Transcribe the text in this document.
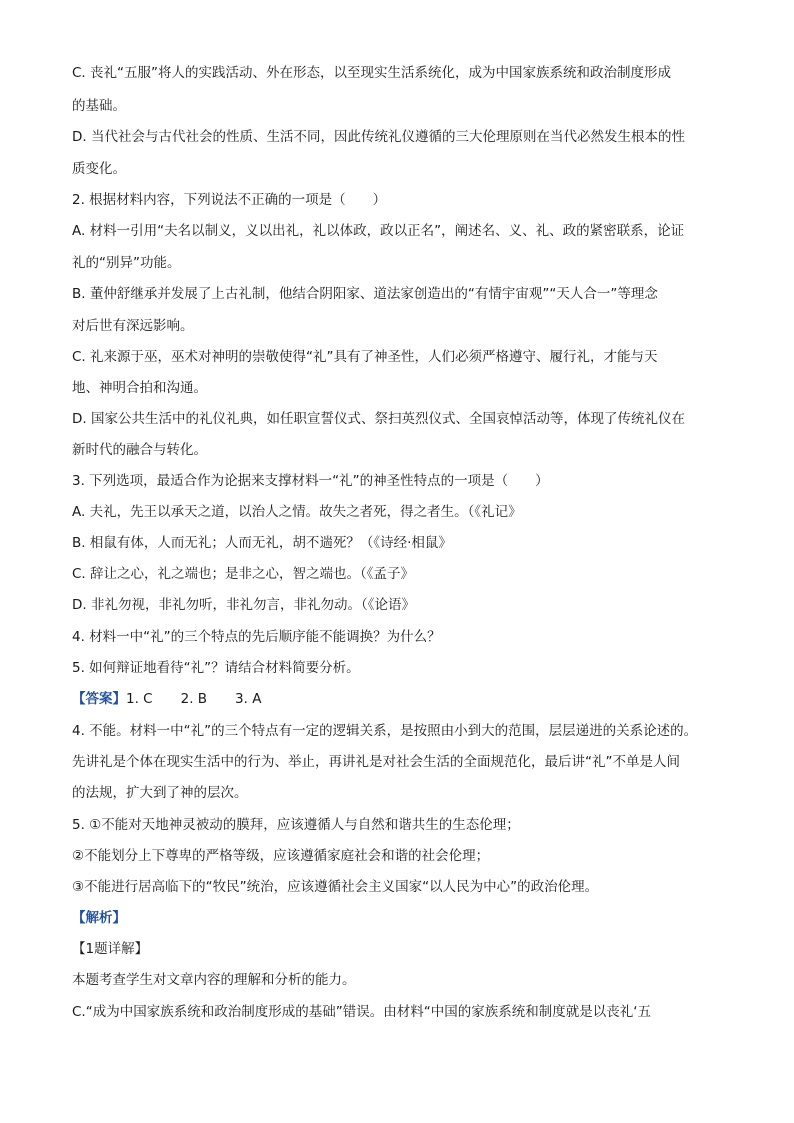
C. 丧礼“五服”将人的实践活动、外在形态，以至现实生活系统化，成为中国家族系统和政治制度形成
的基础。
D. 当代社会与古代社会的性质、生活不同，因此传统礼仪遵循的三大伦理原则在当代必然发生根本的性
质变化。
2. 根据材料内容，下列说法不正确的一项是（　　）
A. 材料一引用“夫名以制义，义以出礼，礼以体政，政以正名”，阐述名、义、礼、政的紧密联系，论证
礼的“别异”功能。
B. 董仲舒继承并发展了上古礼制，他结合阴阳家、道法家创造出的“有情宇宙观”“天人合一”等理念
对后世有深远影响。
C. 礼来源于巫，巫术对神明的崇敬使得“礼”具有了神圣性，人们必须严格遵守、履行礼，才能与天
地、神明合拍和沟通。
D. 国家公共生活中的礼仪礼典，如任职宣誓仪式、祭扫英烈仪式、全国哀悼活动等，体现了传统礼仪在
新时代的融合与转化。
3. 下列选项，最适合作为论据来支撑材料一“礼”的神圣性特点的一项是（　　）
A. 夫礼，先王以承天之道，以治人之情。故失之者死，得之者生。（《礼记》
B. 相鼠有体，人而无礼；人而无礼，胡不遄死？（《诗经·相鼠》
C. 辞让之心，礼之端也；是非之心，智之端也。（《孟子》
D. 非礼勿视，非礼勿听，非礼勿言，非礼勿动。（《论语》
4. 材料一中“礼”的三个特点的先后顺序能不能调换？为什么？
5. 如何辩证地看待“礼”？请结合材料简要分析。
【答案】1. C 2. B 3. A
4. 不能。材料一中“礼”的三个特点有一定的逻辑关系，是按照由小到大的范围，层层递进的关系论述的。
先讲礼是个体在现实生活中的行为、举止，再讲礼是对社会生活的全面规范化，最后讲“礼”不单是人间
的法规，扩大到了神的层次。
5. ①不能对天地神灵被动的膜拜，应该遵循人与自然和谐共生的生态伦理；
②不能划分上下尊卑的严格等级，应该遵循家庭社会和谐的社会伦理；
③不能进行居高临下的“牧民”统治，应该遵循社会主义国家“以人民为中心”的政治伦理。
【解析】
【1题详解】
本题考查学生对文章内容的理解和分析的能力。
C.“成为中国家族系统和政治制度形成的基础”错误。由材料“中国的家族系统和制度就是以丧礼‘五
